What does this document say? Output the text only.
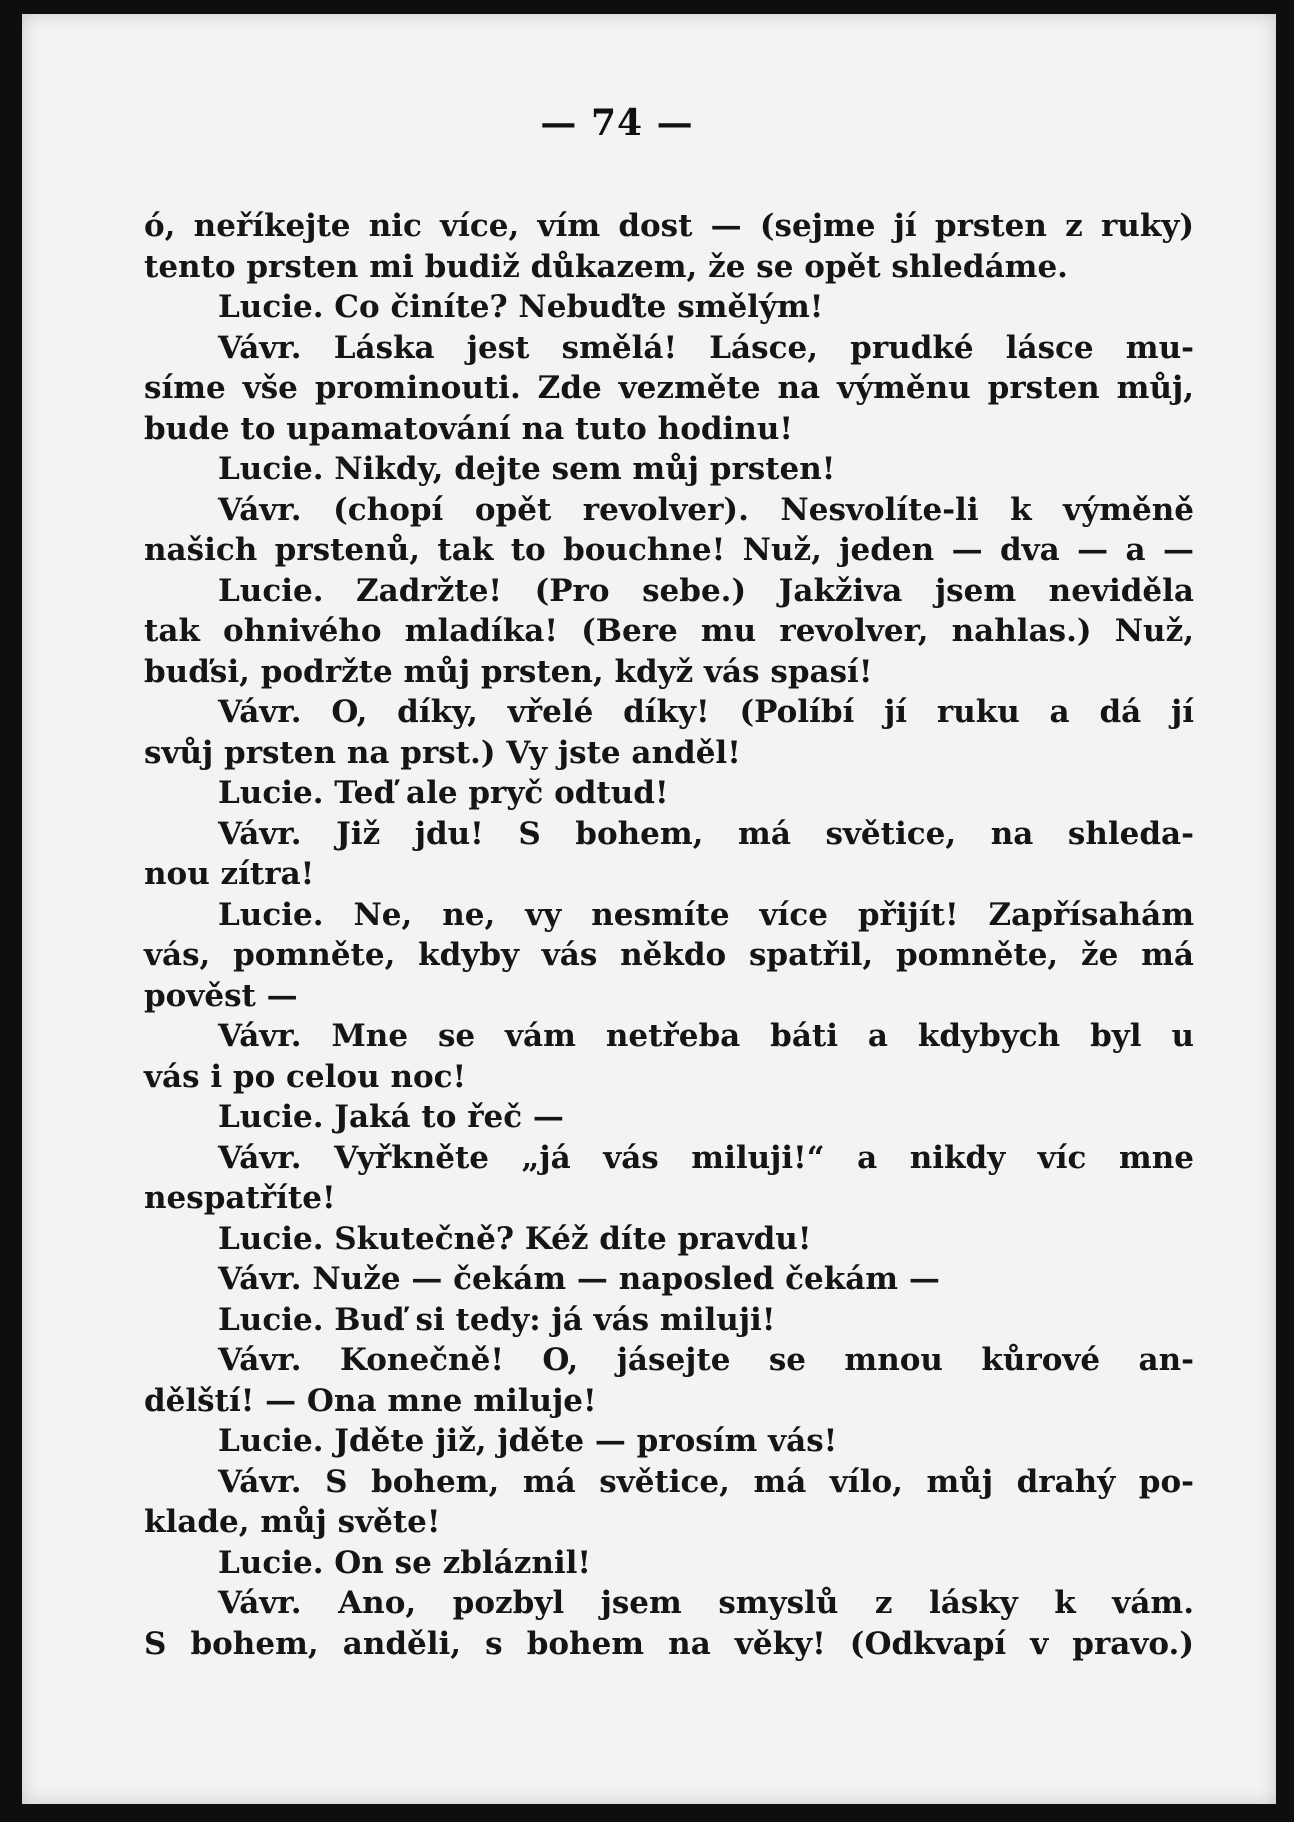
— 74 —
ó, neříkejte nic více, vím dost — (sejme jí prsten z ruky)
tento prsten mi budiž důkazem, že se opět shledáme.
Lucie. Co činíte? Nebuďte smělým!
Vávr. Láska jest smělá! Lásce, prudké lásce mu-
síme vše prominouti. Zde vezměte na výměnu prsten můj,
bude to upamatování na tuto hodinu!
Lucie. Nikdy, dejte sem můj prsten!
Vávr. (chopí opět revolver). Nesvolíte-li k výměně
našich prstenů, tak to bouchne! Nuž, jeden — dva — a —
Lucie. Zadržte! (Pro sebe.) Jakživa jsem neviděla
tak ohnivého mladíka! (Bere mu revolver, nahlas.) Nuž,
buďsi, podržte můj prsten, když vás spasí!
Vávr. O, díky, vřelé díky! (Políbí jí ruku a dá jí
svůj prsten na prst.) Vy jste anděl!
Lucie. Teď ale pryč odtud!
Vávr. Již jdu! S bohem, má světice, na shleda-
nou zítra!
Lucie. Ne, ne, vy nesmíte více přijít! Zapřísahám
vás, pomněte, kdyby vás někdo spatřil, pomněte, že má
pověst —
Vávr. Mne se vám netřeba báti a kdybych byl u
vás i po celou noc!
Lucie. Jaká to řeč —
Vávr. Vyřkněte „já vás miluji!“ a nikdy víc mne
nespatříte!
Lucie. Skutečně? Kéž díte pravdu!
Vávr. Nuže — čekám — naposled čekám —
Lucie. Buď si tedy: já vás miluji!
Vávr. Konečně! O, jásejte se mnou kůrové an-
dělští! — Ona mne miluje!
Lucie. Jděte již, jděte — prosím vás!
Vávr. S bohem, má světice, má vílo, můj drahý po-
klade, můj světe!
Lucie. On se zbláznil!
Vávr. Ano, pozbyl jsem smyslů z lásky k vám.
S bohem, anděli, s bohem na věky! (Odkvapí v pravo.)
